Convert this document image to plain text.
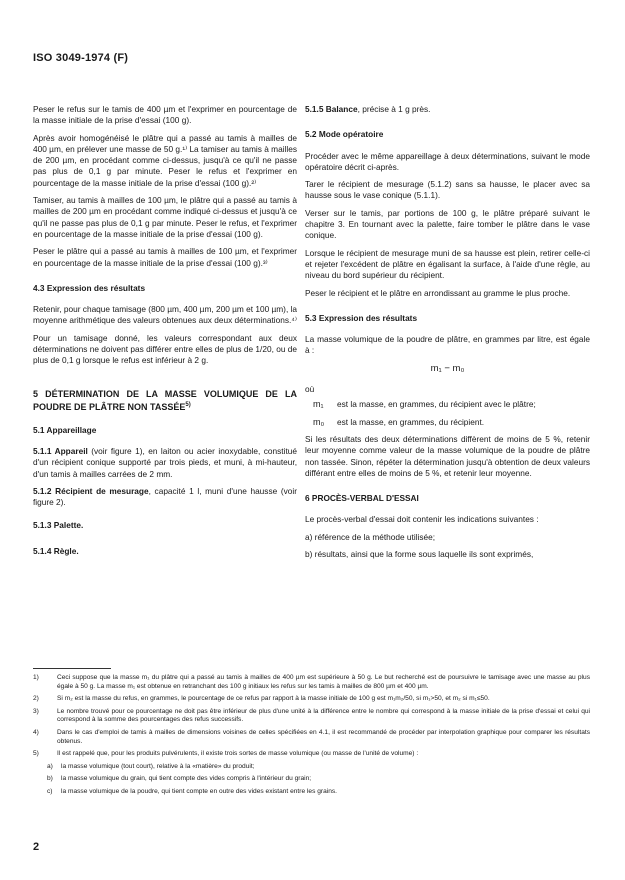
ISO 3049-1974 (F)

Peser le refus sur le tamis de 400 µm et l'exprimer en pourcentage de la masse initiale de la prise d'essai (100 g).

Après avoir homogénéisé le plâtre qui a passé au tamis à mailles de 400 µm, en prélever une masse de 50 g.¹⁾ La tamiser au tamis à mailles de 200 µm, en procédant comme ci-dessus, jusqu'à ce qu'il ne passe pas plus de 0,1 g par minute. Peser le refus et l'exprimer en pourcentage de la masse initiale de la prise d'essai (100 g).²⁾

Tamiser, au tamis à mailles de 100 µm, le plâtre qui a passé au tamis à mailles de 200 µm en procédant comme indiqué ci-dessus et jusqu'à ce qu'il ne passe pas plus de 0,1 g par minute. Peser le refus, et l'exprimer en pourcentage de la masse initiale de la prise d'essai (100 g).

Peser le plâtre qui a passé au tamis à mailles de 100 µm, et l'exprimer en pourcentage de la masse initiale de la prise d'essai (100 g).³⁾

4.3 Expression des résultats

Retenir, pour chaque tamisage (800 µm, 400 µm, 200 µm et 100 µm), la moyenne arithmétique des valeurs obtenues aux deux déterminations.⁴⁾

Pour un tamisage donné, les valeurs correspondant aux deux déterminations ne doivent pas différer entre elles de plus de 1/20, ou de plus de 0,1 g lorsque le refus est inférieur à 2 g.

5 DÉTERMINATION DE LA MASSE VOLUMIQUE DE LA POUDRE DE PLÂTRE NON TASSÉE$^{5)}$
5.1 Appareillage

5.1.1 Appareil (voir figure 1), en laiton ou acier inoxydable, constitué d'un récipient conique supporté par trois pieds, et muni, à mi-hauteur, d'un tamis à mailles carrées de 2 mm.

5.1.2 Récipient de mesurage, capacité 1 l, muni d'une hausse (voir figure 2).

5.1.3 Palette.
5.1.4 Règle.

5.1.5 Balance, précise à 1 g près.

5.2 Mode opératoire

Procéder avec le même appareillage à deux déterminations, suivant le mode opératoire décrit ci-après.

Tarer le récipient de mesurage (5.1.2) sans sa hausse, le placer avec sa hausse sous le vase conique (5.1.1).

Verser sur le tamis, par portions de 100 g, le plâtre préparé suivant le chapitre 3. En tournant avec la palette, faire tomber le plâtre dans le vase conique.

Lorsque le récipient de mesurage muni de sa hausse est plein, retirer celle-ci et rejeter l'excédent de plâtre en égalisant la surface, à l'aide d'une règle, au niveau du bord supérieur du récipient.

Peser le récipient et le plâtre en arrondissant au gramme le plus proche.

5.3 Expression des résultats

La masse volumique de la poudre de plâtre, en grammes par litre, est égale à :

m₁ − m₀
où
m₁	est la masse, en grammes, du récipient avec le plâtre;
m₀	est la masse, en grammes, du récipient.

Si les résultats des deux déterminations diffèrent de moins de 5 %, retenir leur moyenne comme valeur de la masse volumique de la poudre de plâtre non tassée. Sinon, répéter la détermination jusqu'à obtention de deux valeurs différant entre elles de moins de 5 %, et retenir leur moyenne.

6 PROCÈS-VERBAL D'ESSAI

Le procès-verbal d'essai doit contenir les indications suivantes :

a) référence de la méthode utilisée;

b) résultats, ainsi que la forme sous laquelle ils sont exprimés,

1)	Ceci suppose que la masse m₁ du plâtre qui a passé au tamis à mailles de 400 µm est supérieure à 50 g. Le but recherché est de poursuivre le tamisage avec une masse au plus égale à 50 g. La masse m₁ est obtenue en retranchant des 100 g initiaux les refus sur les tamis à mailles de 800 µm et 400 µm.

2)	Si m₂ est la masse du refus, en grammes, le pourcentage de ce refus par rapport à la masse initiale de 100 g est m₁m₂/50, si m₁>50, et m₂ si m₁≤50.

3)	Le nombre trouvé pour ce pourcentage ne doit pas être inférieur de plus d'une unité à la différence entre le nombre qui correspond à la masse initiale de la prise d'essai et celui qui correspond à la somme des pourcentages des refus successifs.

4)	Dans le cas d'emploi de tamis à mailles de dimensions voisines de celles spécifiées en 4.1, il est recommandé de procéder par interpolation graphique pour comparer les résultats obtenus.

5)	Il est rappelé que, pour les produits pulvérulents, il existe trois sortes de masse volumique (ou masse de l'unité de volume) :

a)	la masse volumique (tout court), relative à la «matière» du produit;
b)	la masse volumique du grain, qui tient compte des vides compris à l'intérieur du grain;
c)	la masse volumique de la poudre, qui tient compte en outre des vides existant entre les grains.
2
